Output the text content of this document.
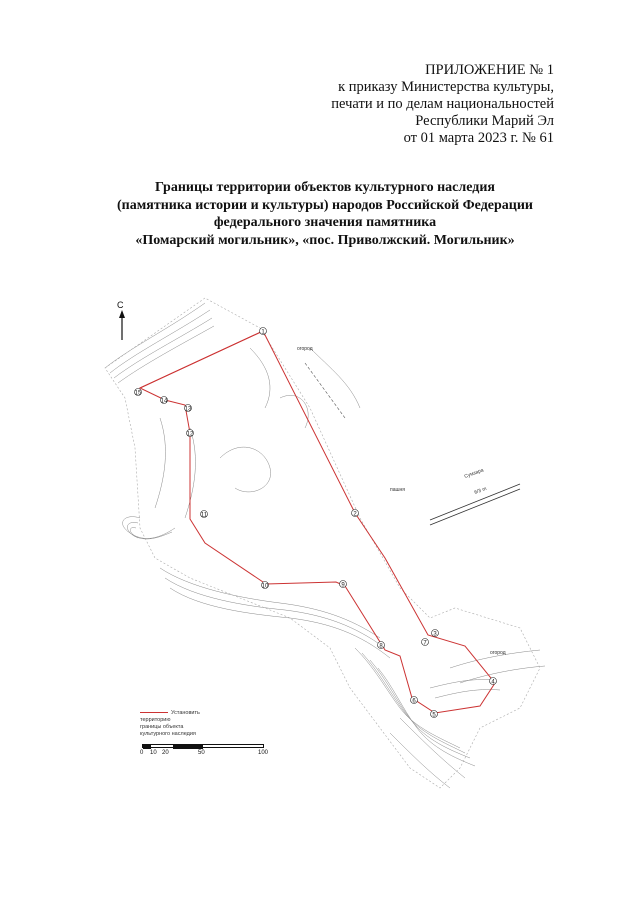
ПРИЛОЖЕНИЕ № 1
к приказу Министерства культуры,
печати и по делам национальностей
Республики Марий Эл
от 01 марта 2023 г. № 61
Границы территории объектов культурного наследия
(памятника истории и культуры) народов Российской Федерации
федерального значения памятника
«Помарский могильник», «пос. Приволжский. Могильник»
С
1
2
3
4
5
6
7
8
9
10
11
12
13
14
15
огород
огород
пашня
Сумзара
6/3 m
Установить территорию
границы объекта
культурного наследия
0 10 20	50	100
